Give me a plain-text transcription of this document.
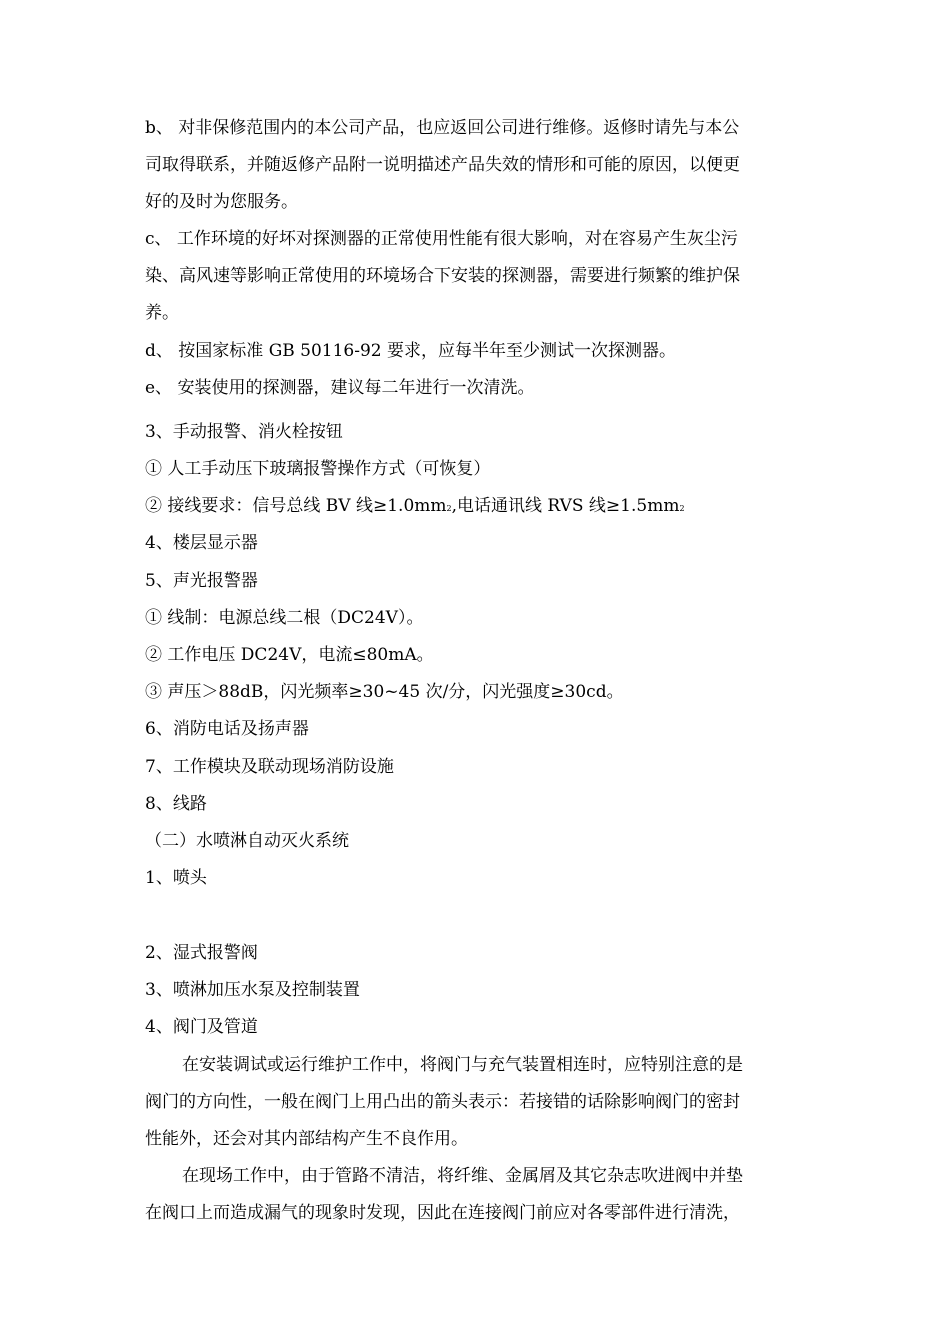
b、 对非保修范围内的本公司产品，也应返回公司进行维修。返修时请先与本公
司取得联系，并随返修产品附一说明描述产品失效的情形和可能的原因，以便更
好的及时为您服务。
c、 工作环境的好坏对探测器的正常使用性能有很大影响，对在容易产生灰尘污
染、高风速等影响正常使用的环境场合下安装的探测器，需要进行频繁的维护保
养。
d、 按国家标准 GB 50116-92 要求，应每半年至少测试一次探测器。
e、 安装使用的探测器，建议每二年进行一次清洗。
3、手动报警、消火栓按钮
① 人工手动压下玻璃报警操作方式（可恢复）
② 接线要求：信号总线 BV 线$\ge 1.0mm^2$,电话通讯线 RVS 线$\ge 1.5mm^2$
4、楼层显示器
5、声光报警器
① 线制：电源总线二根（DC24V）。
② 工作电压 DC24V，电流≤80mA。
③ 声压＞88dB，闪光频率≥30~45 次/分，闪光强度≥30cd。
6、消防电话及扬声器
7、工作模块及联动现场消防设施
8、线路
（二）水喷淋自动灭火系统
1、喷头
2、湿式报警阀
3、喷淋加压水泵及控制装置
4、阀门及管道
在安装调试或运行维护工作中，将阀门与充气装置相连时，应特别注意的是
阀门的方向性，一般在阀门上用凸出的箭头表示：若接错的话除影响阀门的密封
性能外，还会对其内部结构产生不良作用。
在现场工作中，由于管路不清洁，将纤维、金属屑及其它杂志吹进阀中并垫
在阀口上而造成漏气的现象时发现，因此在连接阀门前应对各零部件进行清洗，
